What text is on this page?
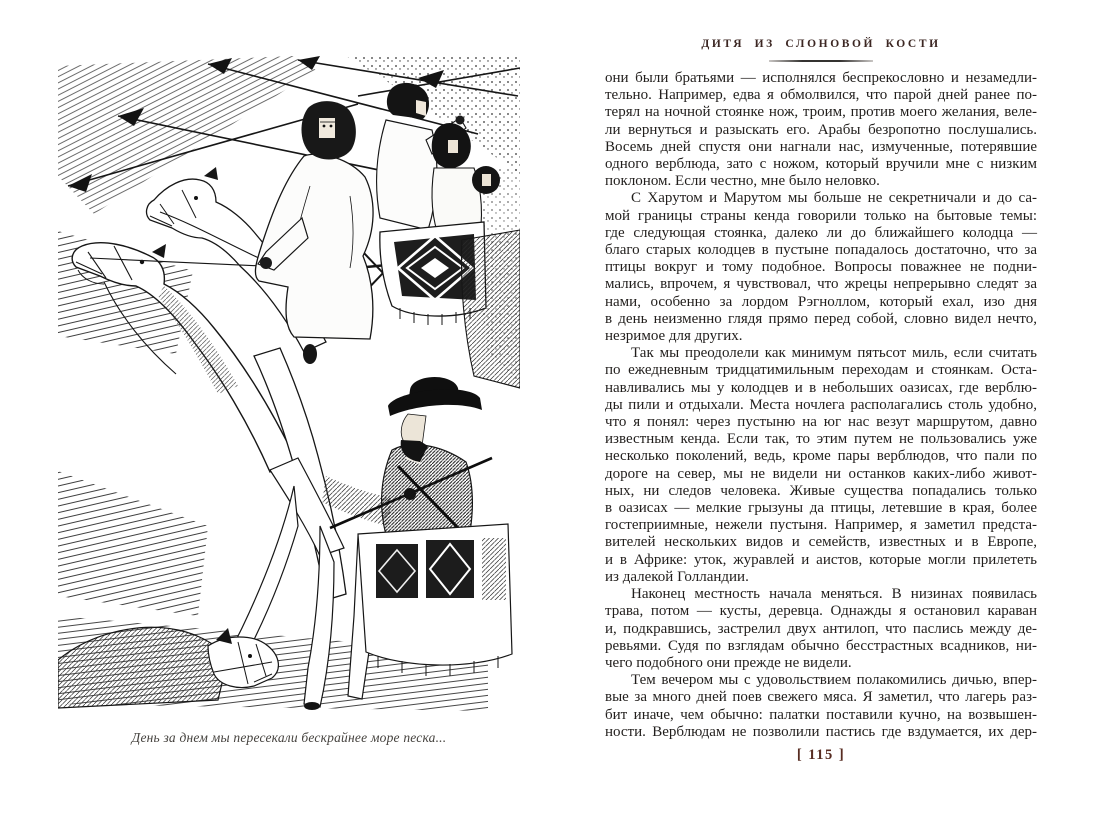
День за днем мы пересекали бескрайнее море песка...
ДИТЯ ИЗ СЛОНОВОЙ КОСТИ
они были братьями — исполнялся беспрекословно и незамедли-
тельно. Например, едва я обмолвился, что парой дней ранее по-
терял на ночной стоянке нож, троим, против моего желания, веле-
ли вернуться и разыскать его. Арабы безропотно послушались.
Восемь дней спустя они нагнали нас, измученные, потерявшие
одного верблюда, зато с ножом, который вручили мне с низким
поклоном. Если честно, мне было неловко.
С Харутом и Марутом мы больше не секретничали и до са-
мой границы страны кенда говорили только на бытовые темы:
где следующая стоянка, далеко ли до ближайшего колодца —
благо старых колодцев в пустыне попадалось достаточно, что за
птицы вокруг и тому подобное. Вопросы поважнее не подни-
мались, впрочем, я чувствовал, что жрецы непрерывно следят за
нами, особенно за лордом Рэгноллом, который ехал, изо дня
в день неизменно глядя прямо перед собой, словно видел нечто,
незримое для других.
Так мы преодолели как минимум пятьсот миль, если считать
по ежедневным тридцатимильным переходам и стоянкам. Оста-
навливались мы у колодцев и в небольших оазисах, где верблю-
ды пили и отдыхали. Места ночлега располагались столь удобно,
что я понял: через пустыню на юг нас везут маршрутом, давно
известным кенда. Если так, то этим путем не пользовались уже
несколько поколений, ведь, кроме пары верблюдов, что пали по
дороге на север, мы не видели ни останков каких-либо живот-
ных, ни следов человека. Живые существа попадались только
в оазисах — мелкие грызуны да птицы, летевшие в края, более
гостеприимные, нежели пустыня. Например, я заметил предста-
вителей нескольких видов и семейств, известных и в Европе,
и в Африке: уток, журавлей и аистов, которые могли прилететь
из далекой Голландии.
Наконец местность начала меняться. В низинах появилась
трава, потом — кусты, деревца. Однажды я остановил караван
и, подкравшись, застрелил двух антилоп, что паслись между де-
ревьями. Судя по взглядам обычно бесстрастных всадников, ни-
чего подобного они прежде не видели.
Тем вечером мы с удовольствием полакомились дичью, впер-
вые за много дней поев свежего мяса. Я заметил, что лагерь раз-
бит иначе, чем обычно: палатки поставили кучно, на возвышен-
ности. Верблюдам не позволили пастись где вздумается, их дер-
[ 115 ]
